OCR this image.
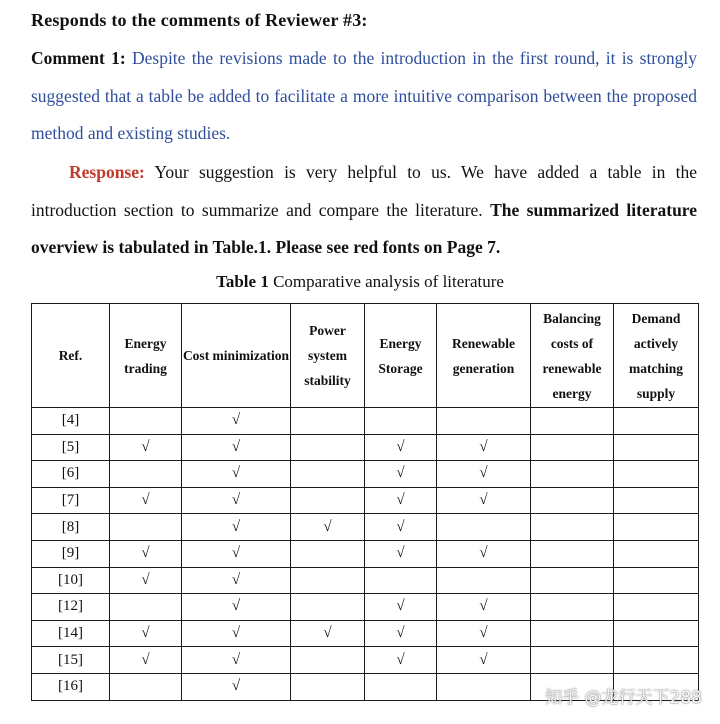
Responds to the comments of Reviewer #3:
Comment 1: Despite the revisions made to the introduction in the first round, it is strongly suggested that a table be added to facilitate a more intuitive comparison between the proposed method and existing studies.
Response: Your suggestion is very helpful to us. We have added a table in the introduction section to summarize and compare the literature. The summarized literature overview is tabulated in Table.1. Please see red fonts on Page 7.
Table 1 Comparative analysis of literature
Ref.	Energy trading	Cost minimization	Power system stability	Energy Storage	Renewable generation	Balancing costs of renewable energy	Demand actively matching supply
[4]		√					
[5]	√	√		√	√		
[6]		√		√	√		
[7]	√	√		√	√		
[8]		√	√	√			
[9]	√	√		√	√		
[10]	√	√					
[12]		√		√	√		
[14]	√	√	√	√	√		
[15]	√	√		√	√		
[16]		√					
知乎 @龙行天下288
